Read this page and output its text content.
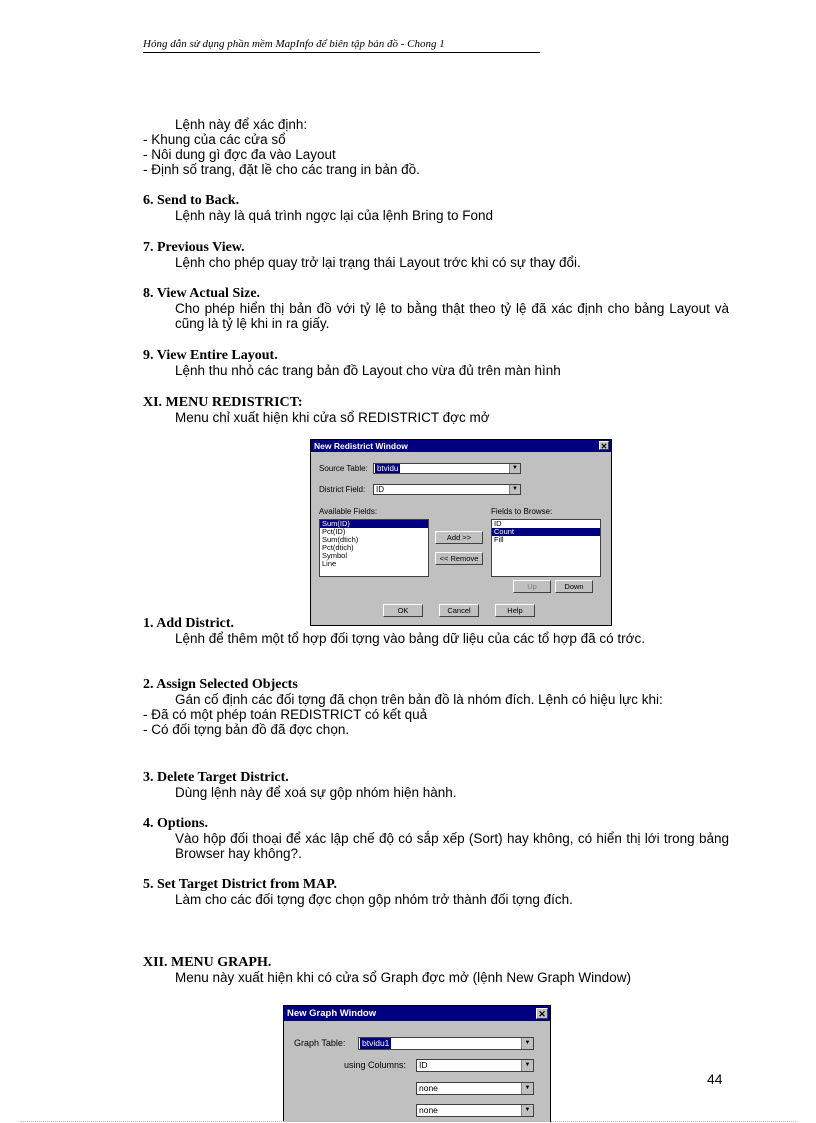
Hóng dẫn sử dụng phần mềm MapInfo để biên tập bản đồ - Chong 1

Lệnh này để xác định:

- Khung của các cửa sổ

- Nôi dung gì đợc đa vào Layout

- Định số trang, đặt lề cho các trang in bản đồ.

6. Send to Back.

Lệnh này là quá trình ngợc lại của lệnh Bring to Fond

7. Previous View.

Lệnh cho phép quay trở lại trạng thái Layout trớc khi có sự thay đổi.

8. View Actual Size.

Cho phép hiển thị bản đồ với tỷ lệ to bằng thật theo tỷ lệ đã xác định cho bảng Layout và cũng là tỷ lệ khi in ra giấy.

9. View Entire Layout.

Lệnh thu nhỏ các trang bản đồ Layout cho vừa đủ trên màn hình

XI. MENU REDISTRICT:

Menu chỉ xuất hiện khi cửa sổ REDISTRICT đợc mở

New Redistrict Window	✕
Source Table: btvidu	▼
District Field: ID	▼
Available Fields:
Sum(ID)
Pct(ID)
Sum(dtich)
Pct(dtich)
Symbol
Line
Fields to Browse:
ID
Count
Fill
Add >>
<< Remove
Up	Down
OK	Cancel	Help

1. Add District.

Lệnh để thêm một tổ hợp đối tợng vào bảng dữ liệu của các tổ hợp đã có trớc.

2. Assign Selected Objects

Gán cố định các đối tợng đã chọn trên bản đồ là nhóm đích. Lệnh có hiệu lực khi:

- Đã có một phép toán REDISTRICT có kết quả

- Có đối tợng bản đồ đã đợc chọn.

3. Delete Target District.

Dùng lệnh này để xoá sự gộp nhóm hiện hành.

4. Options.

Vào hộp đối thoại để xác lập chế độ có sắp xếp (Sort) hay không, có hiển thị lới trong bảng Browser hay không?.

5. Set Target District from MAP.

Làm cho các đối tợng đợc chọn gộp nhóm trở thành đối tợng đích.

XII. MENU GRAPH.

Menu này xuất hiện khi có cửa sổ Graph đợc mở (lệnh New Graph Window)

New Graph Window	✕
Graph Table: btvidu1	▼
using Columns: ID	▼
none	▼
none	▼
44
